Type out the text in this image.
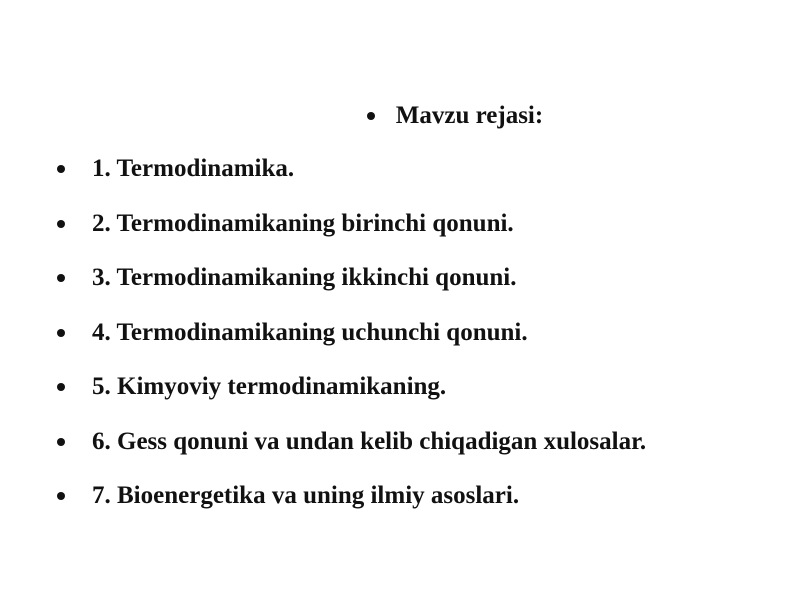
Mavzu rejasi:
1. Termodinamika.
2. Termodinamikaning birinchi qonuni.
3. Termodinamikaning ikkinchi qonuni.
4. Termodinamikaning uchunchi qonuni.
5. Kimyoviy termodinamikaning.
6. Gess qonuni va undan kelib chiqadigan xulosalar.
7. Bioenergetika va uning ilmiy asoslari.
